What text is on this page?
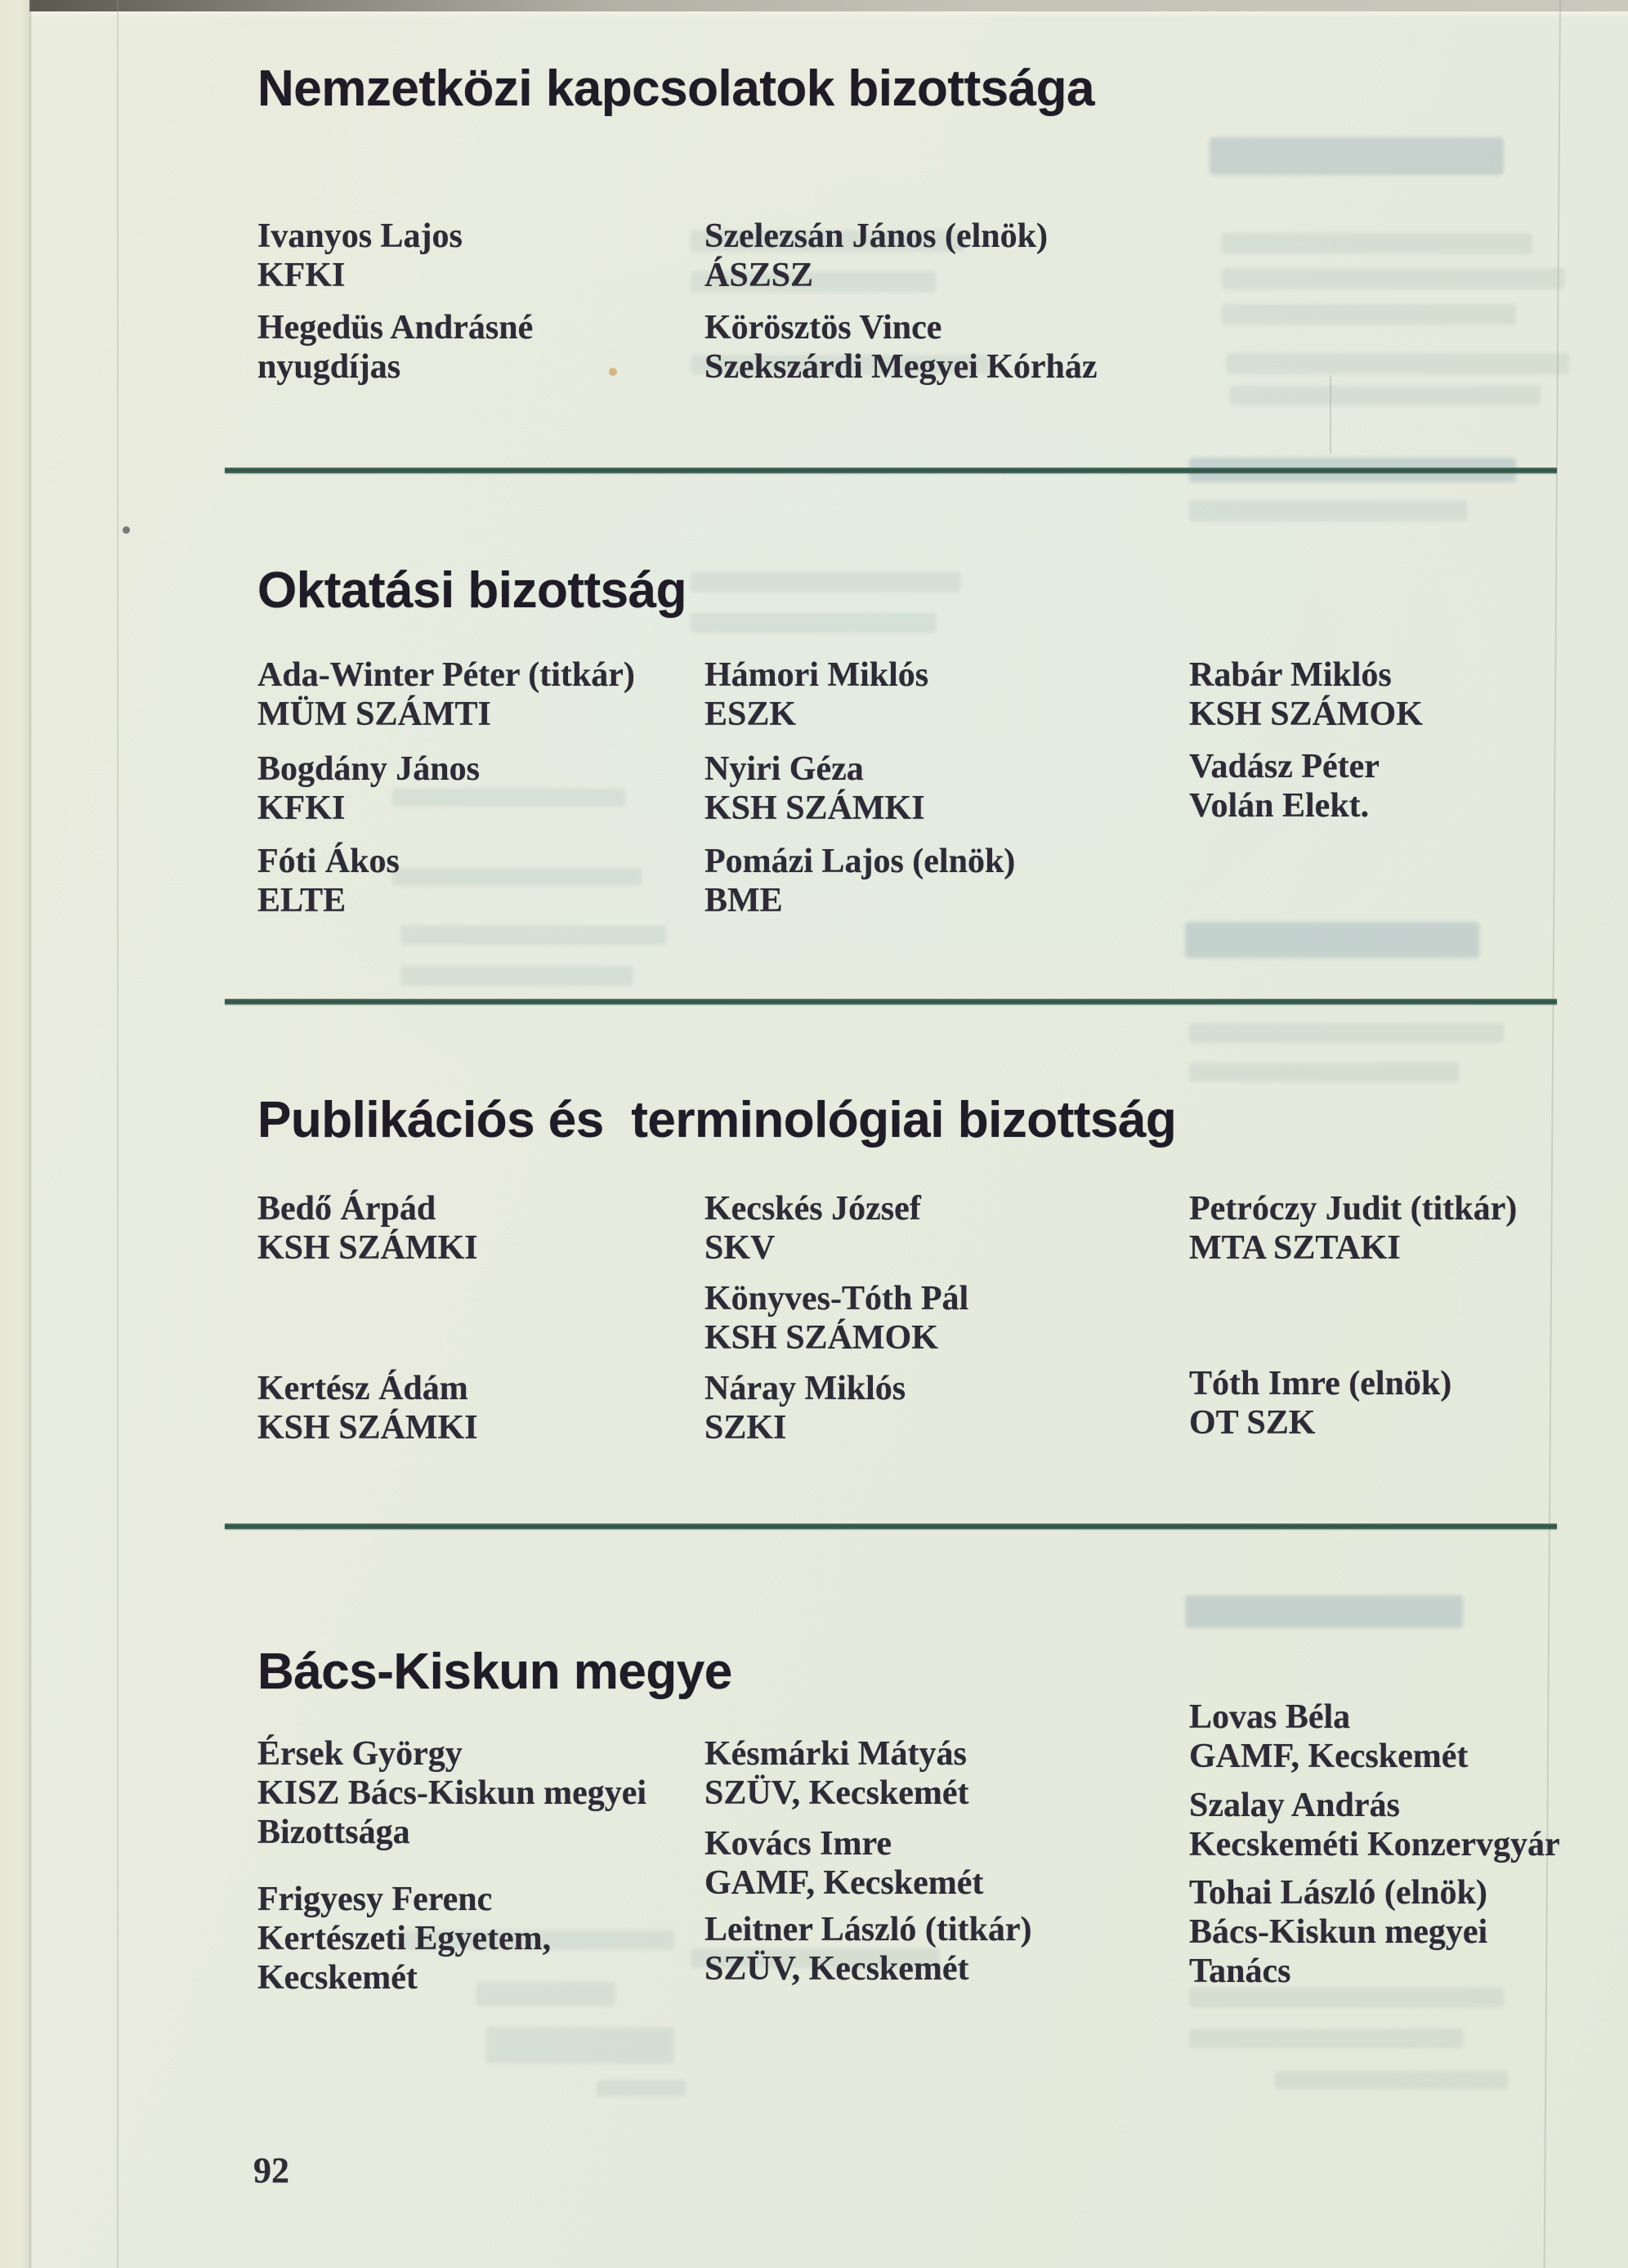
Nemzetközi kapcsolatok bizottsága
Ivanyos Lajos
KFKI
Hegedüs Andrásné
nyugdíjas
Szelezsán János (elnök)
ÁSZSZ
Körösztös Vince
Szekszárdi Megyei Kórház
Oktatási bizottság
Ada-Winter Péter (titkár)
MÜM SZÁMTI
Bogdány János
KFKI
Fóti Ákos
ELTE
Hámori Miklós
ESZK
Nyiri Géza
KSH SZÁMKI
Pomázi Lajos (elnök)
BME
Rabár Miklós
KSH SZÁMOK
Vadász Péter
Volán Elekt.
Publikációs és  terminológiai bizottság
Bedő Árpád
KSH SZÁMKI
Kertész Ádám
KSH SZÁMKI
Kecskés József
SKV
Könyves-Tóth Pál
KSH SZÁMOK
Náray Miklós
SZKI
Petróczy Judit (titkár)
MTA SZTAKI
Tóth Imre (elnök)
OT SZK
Bács-Kiskun megye
Érsek György
KISZ Bács-Kiskun megyei
Bizottsága
Frigyesy Ferenc
Kertészeti Egyetem,
Kecskemét
Késmárki Mátyás
SZÜV, Kecskemét
Kovács Imre
GAMF, Kecskemét
Leitner László (titkár)
SZÜV, Kecskemét
Lovas Béla
GAMF, Kecskemét
Szalay András
Kecskeméti Konzervgyár
Tohai László (elnök)
Bács-Kiskun megyei
Tanács
92
